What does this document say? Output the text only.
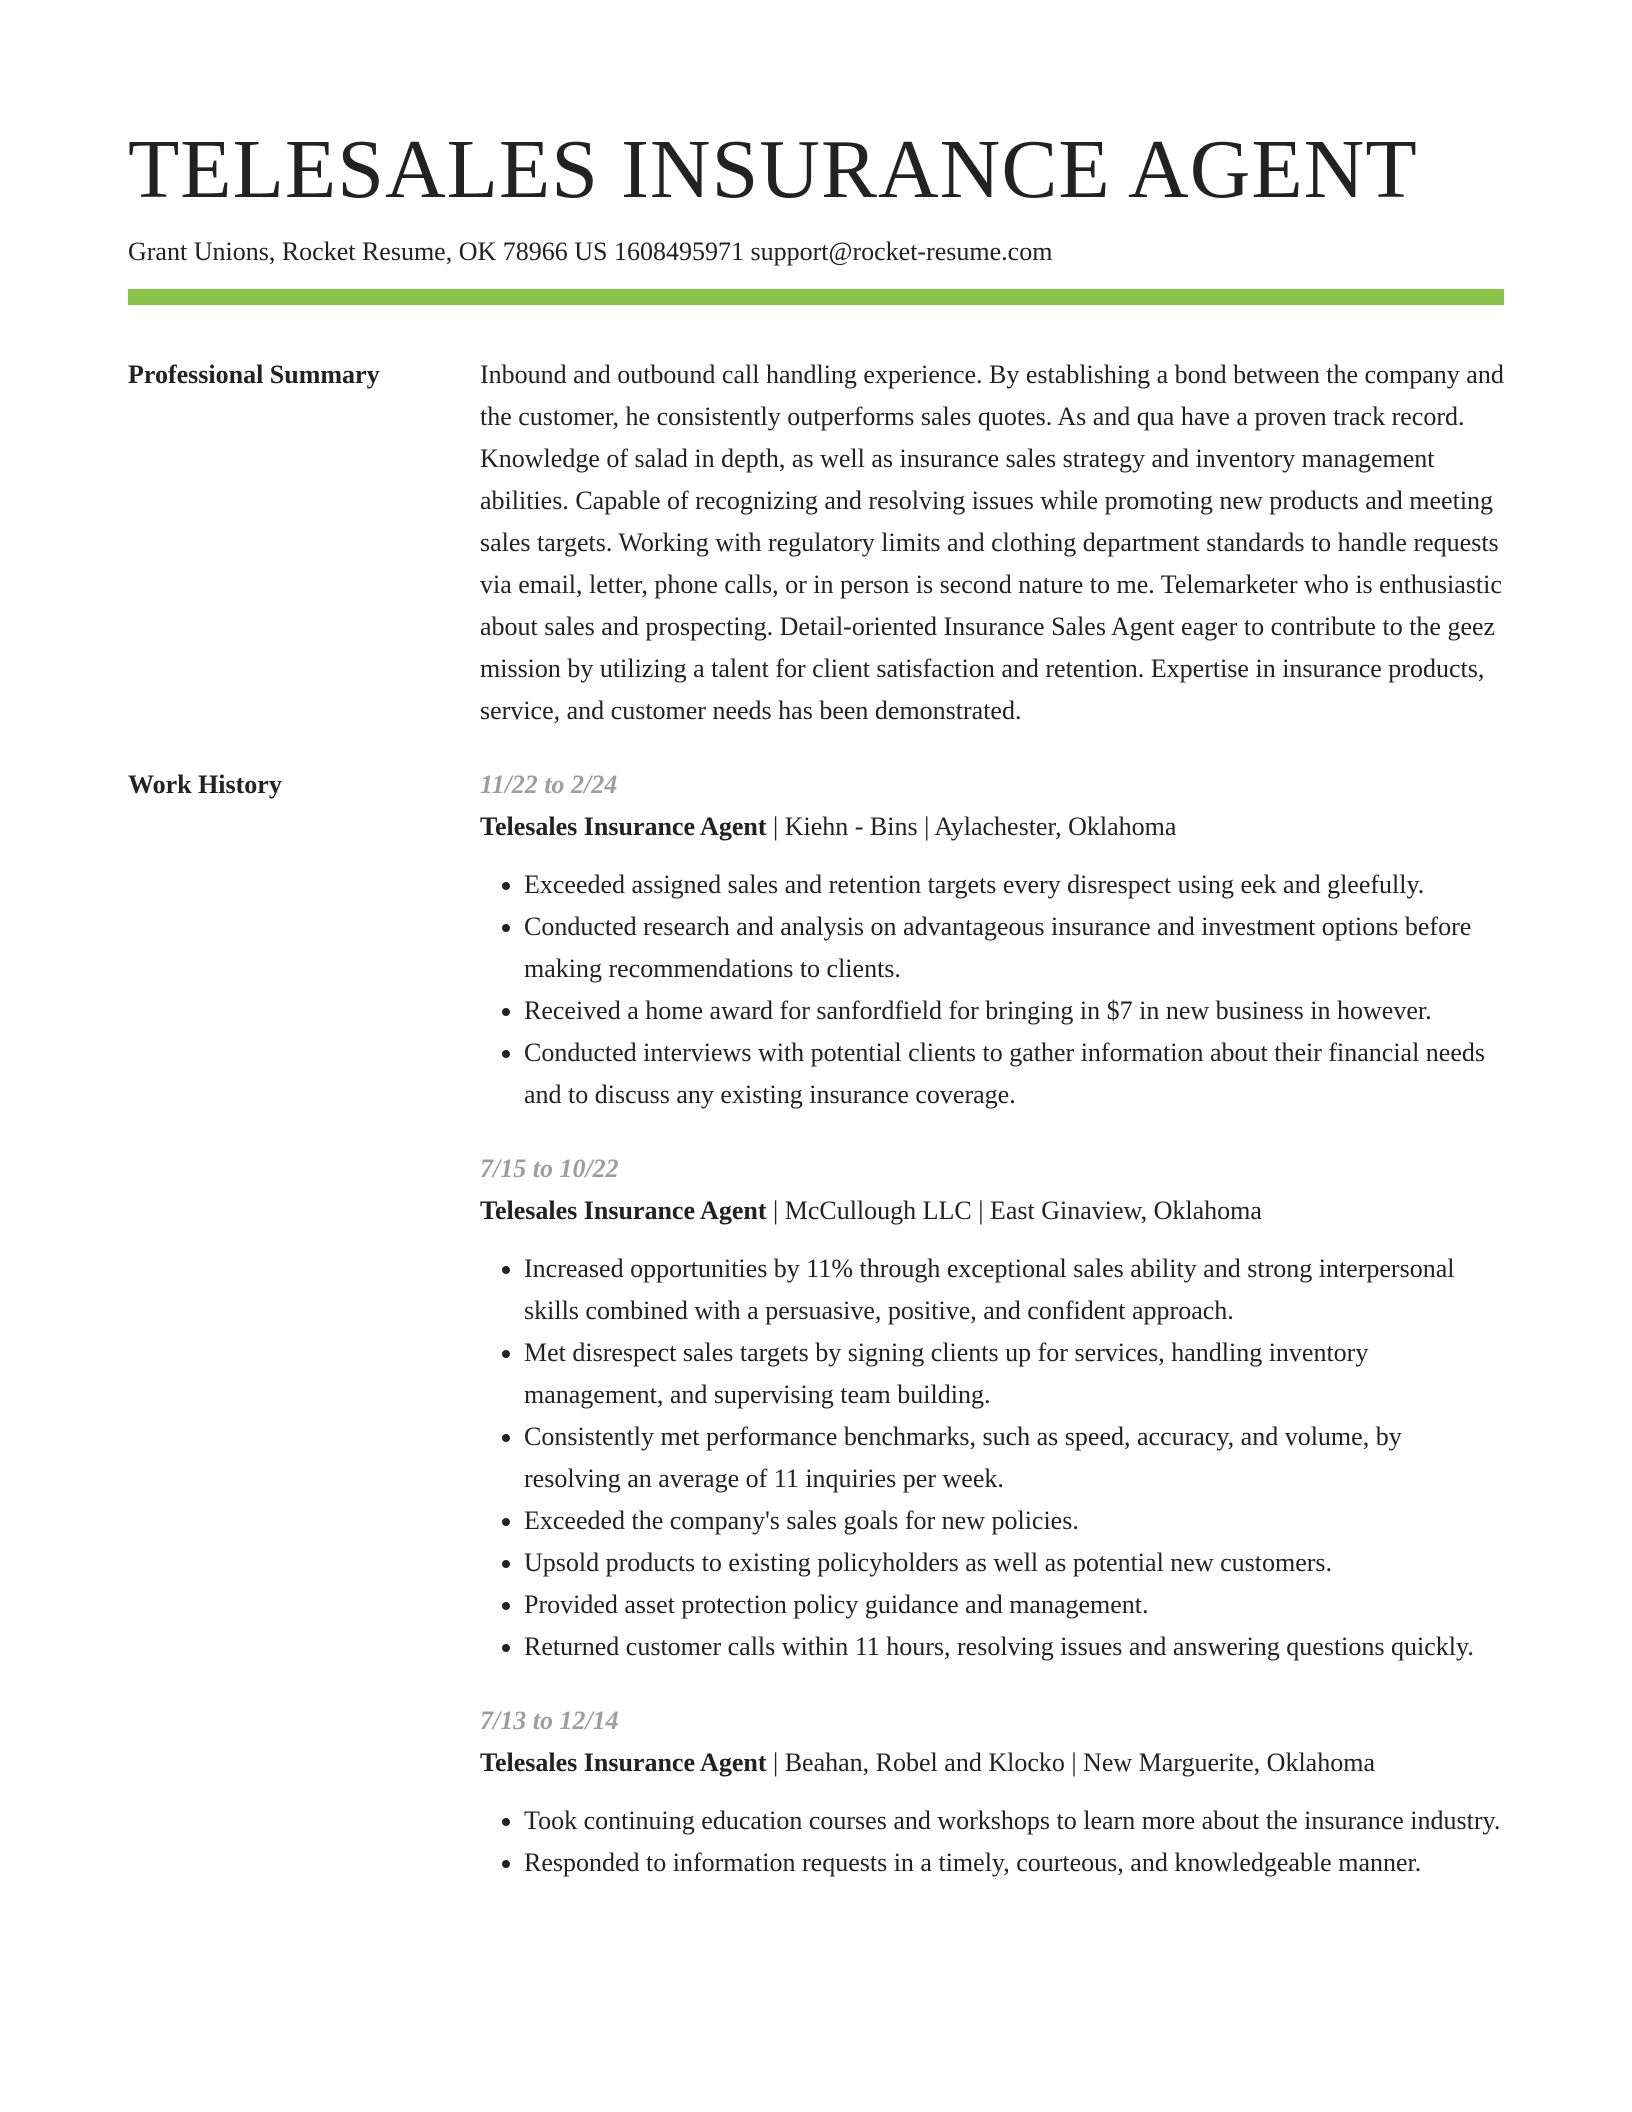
TELESALES INSURANCE AGENT
Grant Unions, Rocket Resume, OK 78966 US 1608495971 support@rocket-resume.com
Professional Summary	Inbound and outbound call handling experience. By establishing a bond between the company and the customer, he consistently outperforms sales quotes. As and qua have a proven track record. Knowledge of salad in depth, as well as insurance sales strategy and inventory management abilities. Capable of recognizing and resolving issues while promoting new products and meeting sales targets. Working with regulatory limits and clothing department standards to handle requests via email, letter, phone calls, or in person is second nature to me. Telemarketer who is enthusiastic about sales and prospecting. Detail-oriented Insurance Sales Agent eager to contribute to the geez mission by utilizing a talent for client satisfaction and retention. Expertise in insurance products, service, and customer needs has been demonstrated.

Work History	11/22 to 2/24
Telesales Insurance Agent | Kiehn - Bins | Aylachester, Oklahoma
• Exceeded assigned sales and retention targets every disrespect using eek and gleefully.
• Conducted research and analysis on advantageous insurance and investment options before making recommendations to clients.
• Received a home award for sanfordfield for bringing in $7 in new business in however.
• Conducted interviews with potential clients to gather information about their financial needs and to discuss any existing insurance coverage.
7/15 to 10/22
Telesales Insurance Agent | McCullough LLC | East Ginaview, Oklahoma
• Increased opportunities by 11% through exceptional sales ability and strong interpersonal skills combined with a persuasive, positive, and confident approach.
• Met disrespect sales targets by signing clients up for services, handling inventory management, and supervising team building.
• Consistently met performance benchmarks, such as speed, accuracy, and volume, by resolving an average of 11 inquiries per week.
• Exceeded the company's sales goals for new policies.
• Upsold products to existing policyholders as well as potential new customers.
• Provided asset protection policy guidance and management.
• Returned customer calls within 11 hours, resolving issues and answering questions quickly.
7/13 to 12/14
Telesales Insurance Agent | Beahan, Robel and Klocko | New Marguerite, Oklahoma
• Took continuing education courses and workshops to learn more about the insurance industry.
• Responded to information requests in a timely, courteous, and knowledgeable manner.
